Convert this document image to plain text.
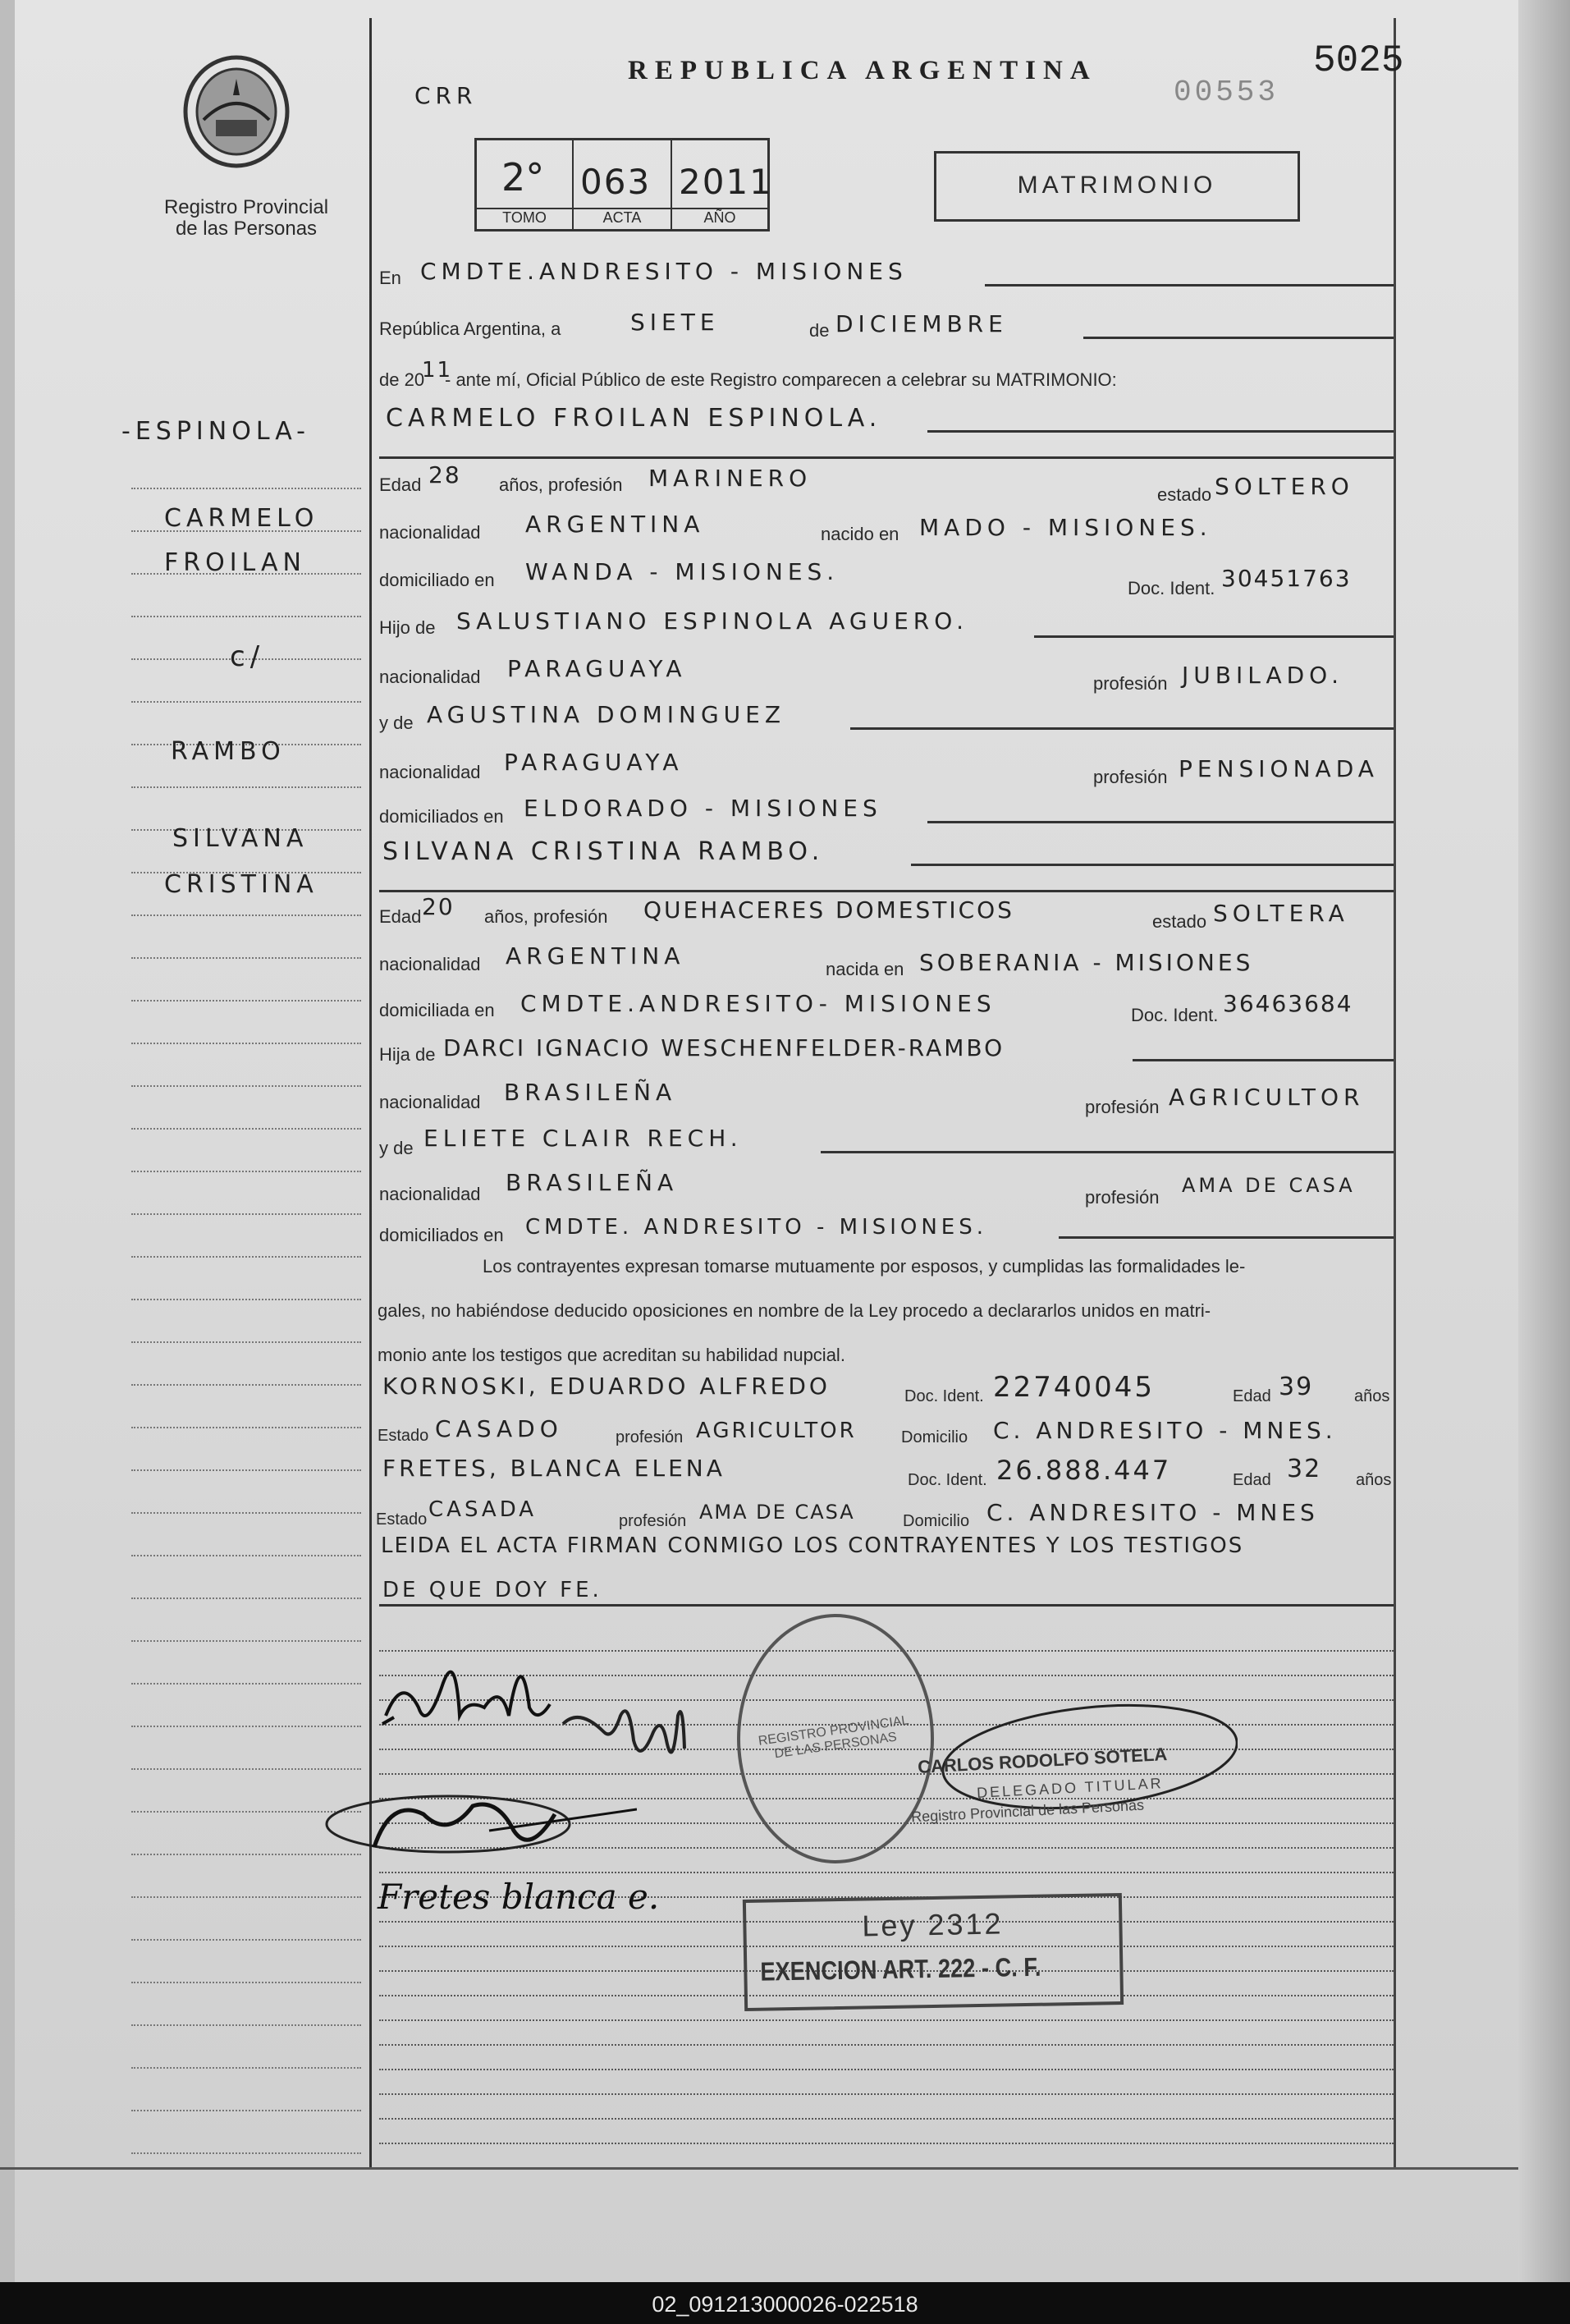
Registro Provincial
de las Personas
REPUBLICA ARGENTINA
CRR
5025
00553
2° 063 2011
TOMO	ACTA	AÑO
MATRIMONIO
-ESPINOLA-
CARMELO
FROILAN
c/
RAMBO
SILVANA
CRISTINA
En CMDTE.ANDRESITO - MISIONES
República Argentina, a	SIETE	de DICIEMBRE
de 20
11
- ante mí, Oficial Público de este Registro comparecen a celebrar su MATRIMONIO:
CARMELO FROILAN ESPINOLA.
Edad 28 años, profesión MARINERO
estado SOLTERO
nacionalidad ARGENTINA	nacido en MADO - MISIONES.
domiciliado en WANDA - MISIONES.
Doc. Ident. 30451763
Hijo de SALUSTIANO ESPINOLA AGUERO.
nacionalidad PARAGUAYA
profesión JUBILADO.
y de AGUSTINA DOMINGUEZ
nacionalidad PARAGUAYA
profesión PENSIONADA
domiciliados en ELDORADO - MISIONES
SILVANA CRISTINA RAMBO.
Edad 20 años, profesión QUEHACERES DOMESTICOS	estado SOLTERA
nacionalidad ARGENTINA	nacida en SOBERANIA - MISIONES
domiciliada en CMDTE.ANDRESITO- MISIONES	Doc. Ident. 36463684
Hija de DARCI IGNACIO WESCHENFELDER-RAMBO
nacionalidad BRASILEÑA
profesión AGRICULTOR
y de ELIETE CLAIR RECH.
nacionalidad BRASILEÑA
profesión
AMA DE CASA
domiciliados en CMDTE. ANDRESITO - MISIONES.
Los contrayentes expresan tomarse mutuamente por esposos, y cumplidas las formalidades le-
gales, no habiéndose deducido oposiciones en nombre de la Ley procedo a declararlos unidos en matri-
monio ante los testigos que acreditan su habilidad nupcial.
KORNOSKI, EDUARDO ALFREDO	Doc. Ident. 22740045	Edad 39 años
Estado CASADO	profesión AGRICULTOR	Domicilio C. ANDRESITO - MNES.
FRETES, BLANCA ELENA	Doc. Ident. 26.888.447	Edad 32 años
Estado CASADA	profesión AMA DE CASA	Domicilio C. ANDRESITO - MNES
LEIDA EL ACTA FIRMAN CONMIGO LOS CONTRAYENTES Y LOS TESTIGOS
DE QUE DOY FE.
Fretes blanca e.
REGISTRO PROVINCIAL DE LAS PERSONAS	CARLOS RODOLFO SOTELA
DELEGADO TITULAR
Registro Provincial de las Personas
Ley 2312
EXENCION ART. 222 - C. F.
02_091213000026-022518
